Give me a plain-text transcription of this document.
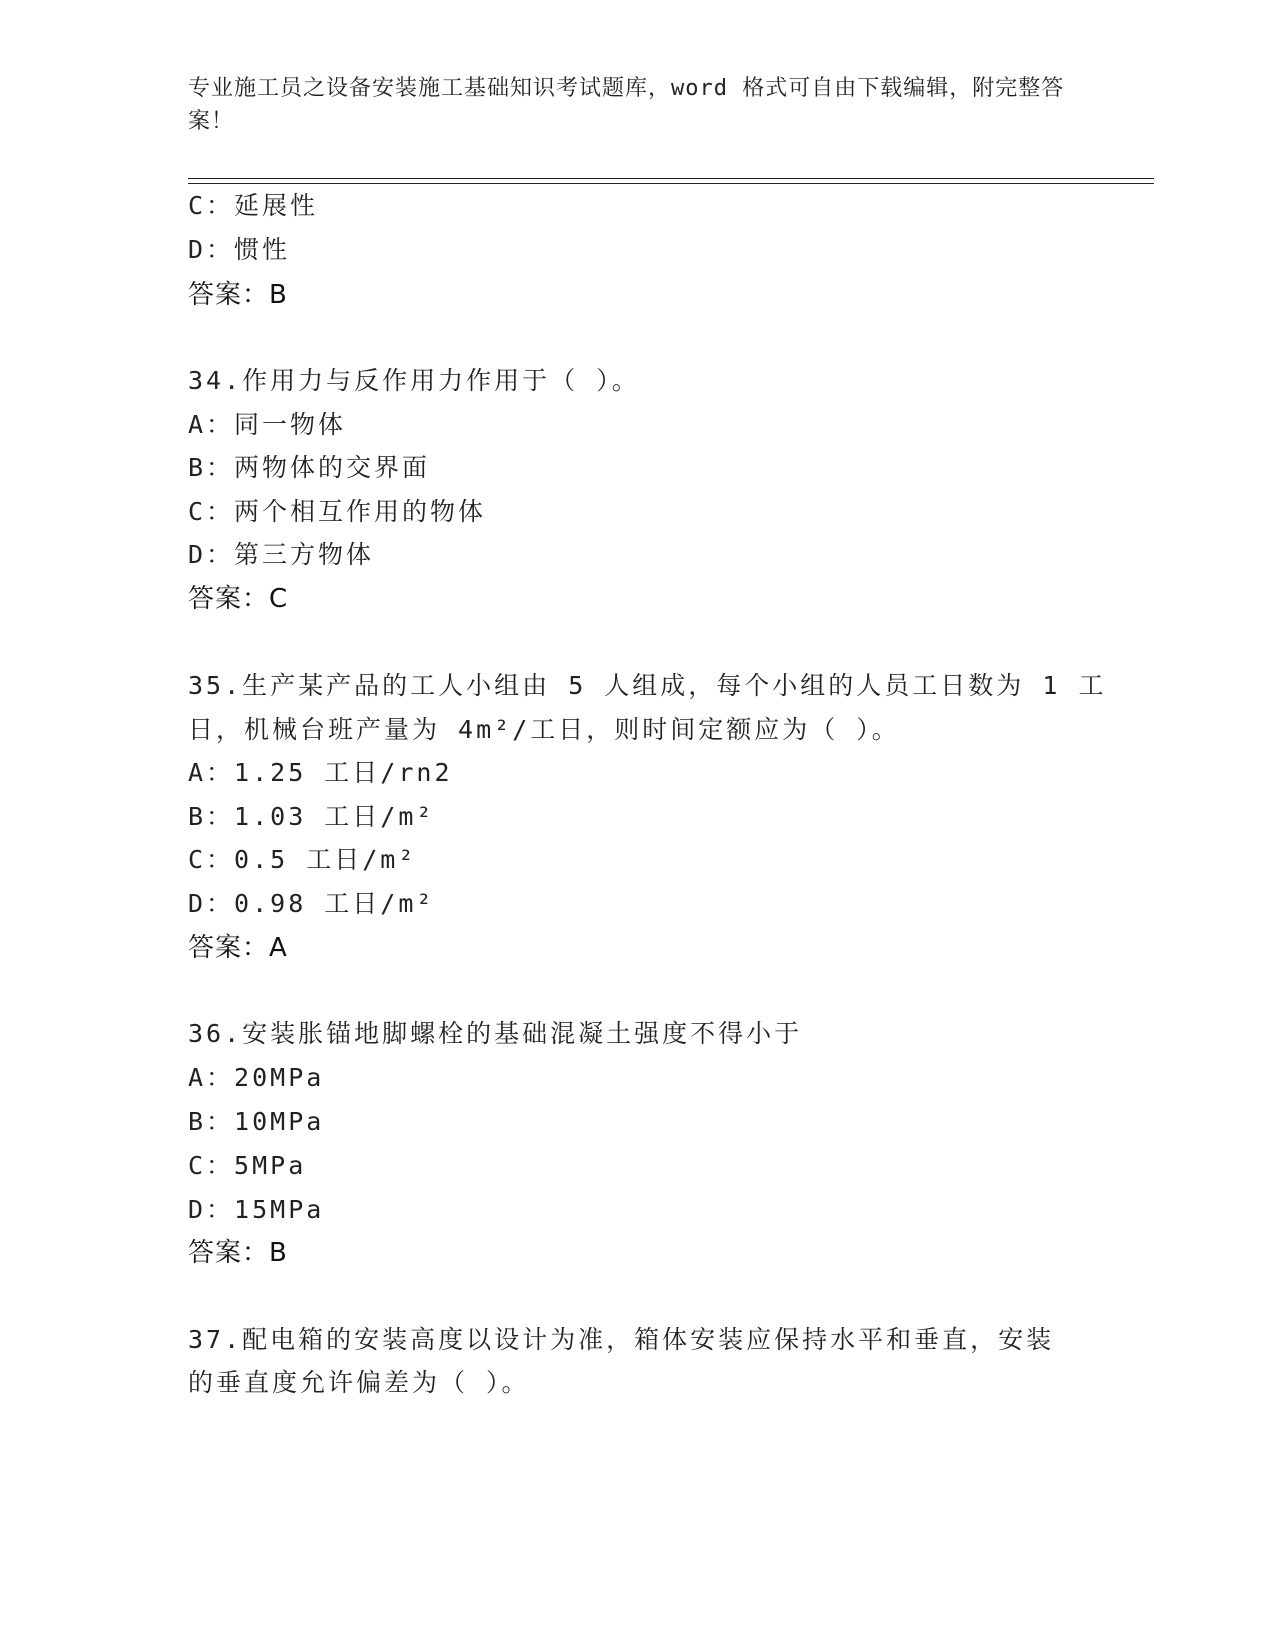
专业施工员之设备安装施工基础知识考试题库，word 格式可自由下载编辑，附完整答案！
C：延展性
D：惯性
答案：B
34.作用力与反作用力作用于（ ）。
A：同一物体
B：两物体的交界面
C：两个相互作用的物体
D：第三方物体
答案：C
35.生产某产品的工人小组由 5 人组成，每个小组的人员工日数为 1 工
日，机械台班产量为 4m²/工日，则时间定额应为（ ）。
A：1.25 工日/rn2
B：1.03 工日/m²
C：0.5 工日/m²
D：0.98 工日/m²
答案：A
36.安装胀锚地脚螺栓的基础混凝土强度不得小于
A：20MPa
B：10MPa
C：5MPa
D：15MPa
答案：B
37.配电箱的安装高度以设计为准，箱体安装应保持水平和垂直，安装
的垂直度允许偏差为（ ）。
